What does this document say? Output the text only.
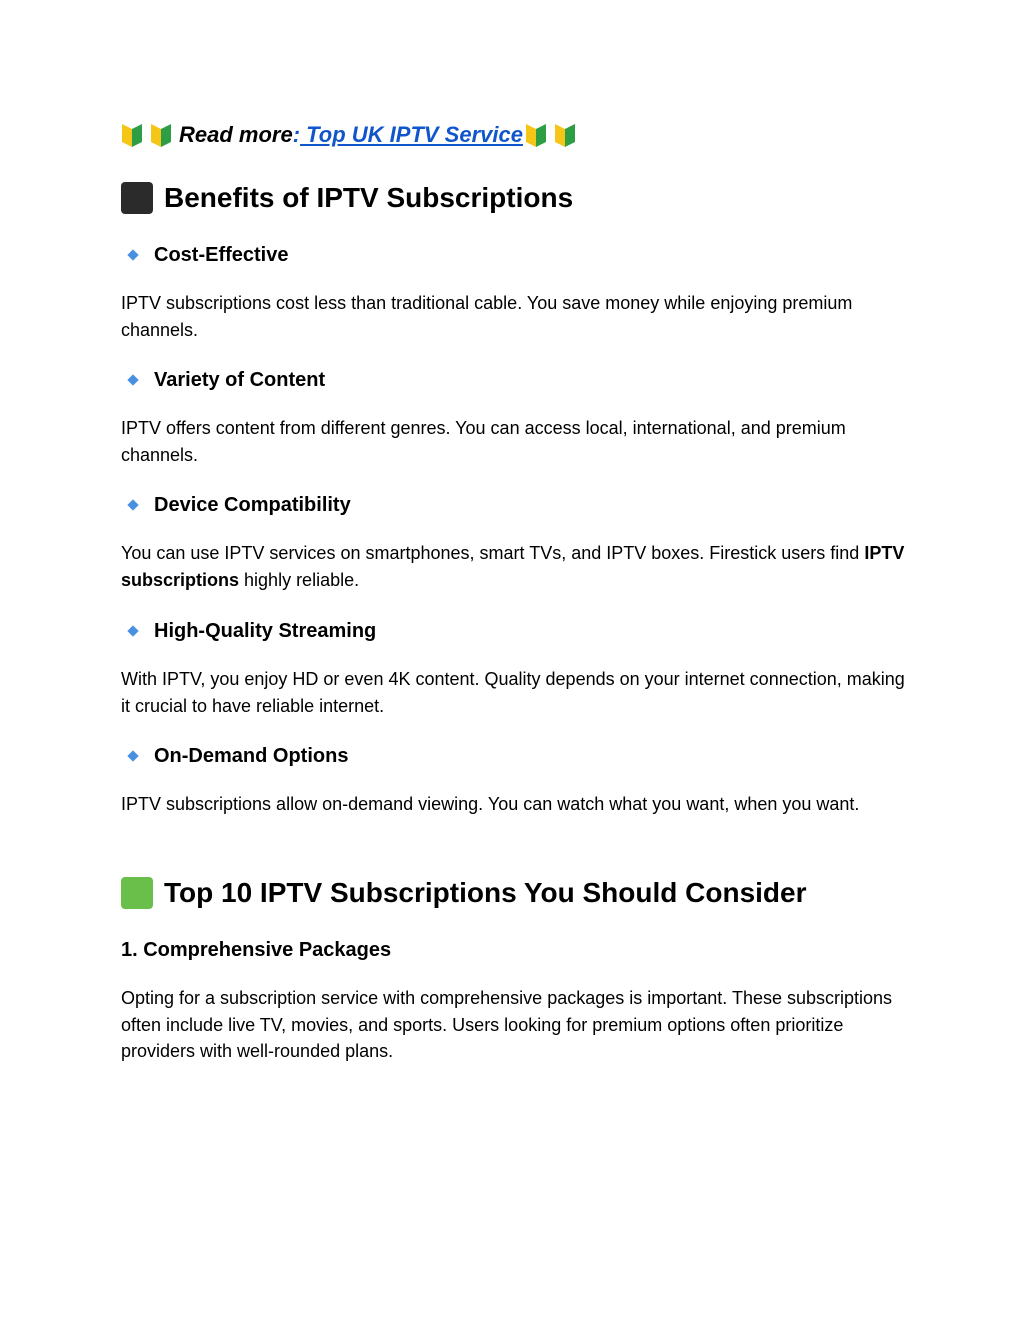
Read more : Top UK IPTV Service
Benefits of IPTV Subscriptions
Cost-Effective

IPTV subscriptions cost less than traditional cable. You save money while enjoying premium channels.

Variety of Content

IPTV offers content from different genres. You can access local, international, and premium channels.

Device Compatibility

You can use IPTV services on smartphones, smart TVs, and IPTV boxes. Firestick users find IPTV subscriptions highly reliable.

High-Quality Streaming

With IPTV, you enjoy HD or even 4K content. Quality depends on your internet connection, making it crucial to have reliable internet.

On-Demand Options

IPTV subscriptions allow on-demand viewing. You can watch what you want, when you want.

Top 10 IPTV Subscriptions You Should Consider
1. Comprehensive Packages

Opting for a subscription service with comprehensive packages is important. These subscriptions often include live TV, movies, and sports. Users looking for premium options often prioritize providers with well-rounded plans.
